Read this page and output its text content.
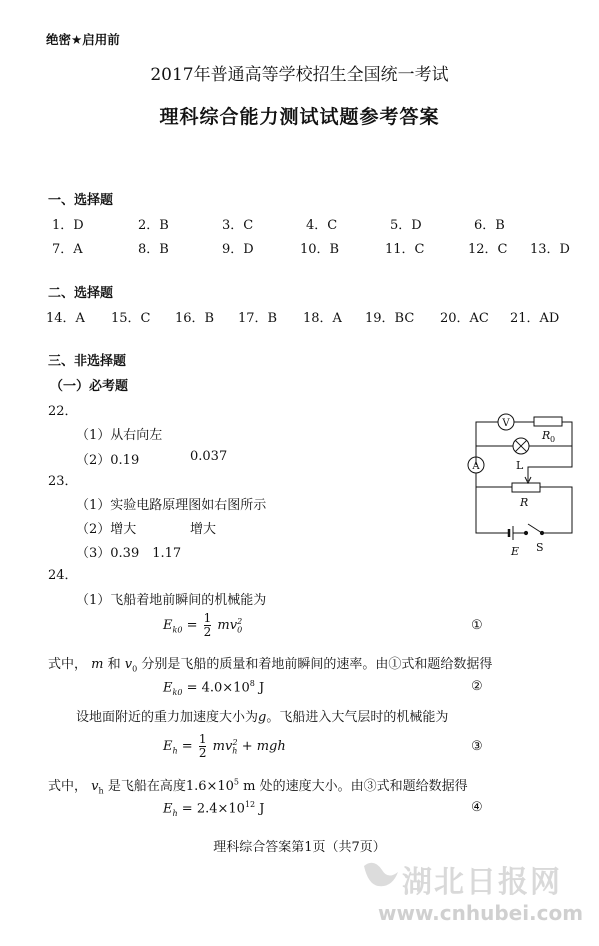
绝密★启用前
2017年普通高等学校招生全国统一考试
理科综合能力测试试题参考答案
一、选择题
1．D	2．B	3．C	4．C	5．D	6．B
7．A	8．B	9．D	10．B	11．C	12．C 13．D
二、选择题
14．A 15．C 16．B 17．B 18．A 19．BC 20．AC 21．AD
三、非选择题
（一）必考题
22．
（1）从右向左
（2）0.19	0.037
23．
（1）实验电路原理图如右图所示
（2）增大	增大
（3）0.39　1.17
24．
（1）飞船着地前瞬间的机械能为
$E_{k0} = \frac{1}{2} mv_0^2$	①
式中， m 和 $v_0$ 分别是飞船的质量和着地前瞬间的速率。由①式和题给数据得
$E_{k0} = 4.0\times 10^8$ J	②
设地面附近的重力加速度大小为g。飞船进入大气层时的机械能为
$E_h = \frac{1}{2} mv_h^2$ + mgh	③
式中， $v_h$ 是飞船在高度$1.6\times 10^5$ m 处的速度大小。由③式和题给数据得
$E_h = 2.4\times 10^{12}$ J	④
V
A
R 0
L
R
E S
理科综合答案第1页（共7页）
湖北日报网
www.cnhubei.com
